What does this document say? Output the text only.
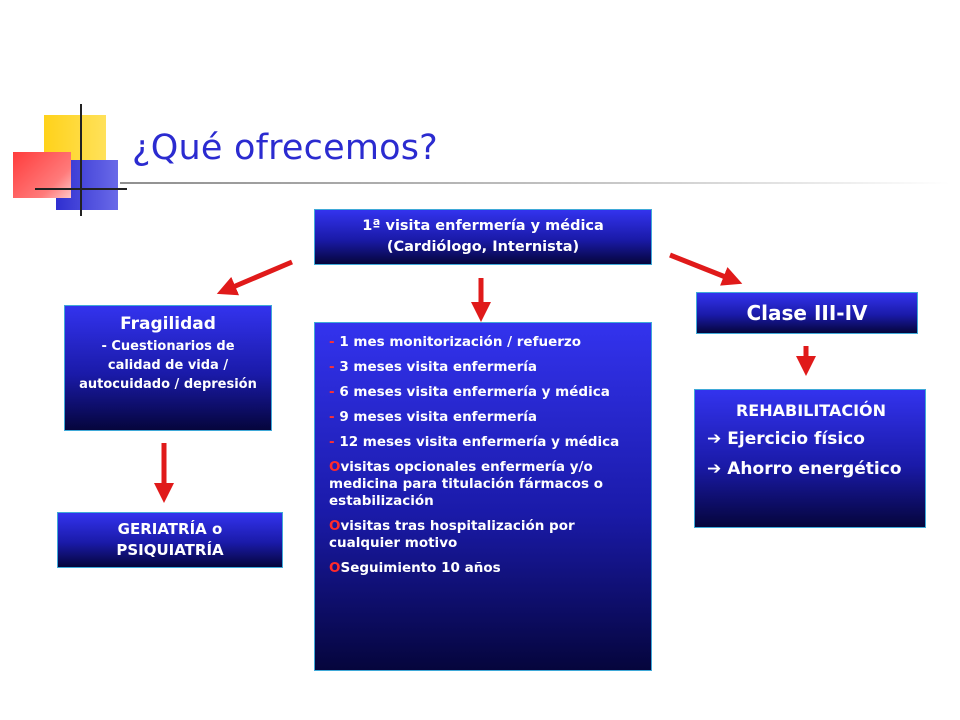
¿Qué ofrecemos?
1ª visita enfermería y médica
(Cardiólogo, Internista)
Fragilidad
- Cuestionarios de calidad de vida / autocuidado / depresión
GERIATRÍA o
PSIQUIATRÍA
- 1 mes monitorización / refuerzo
- 3 meses visita enfermería
- 6 meses visita enfermería y médica
- 9 meses visita enfermería
- 12 meses visita enfermería y médica
Ovisitas opcionales enfermería y/o medicina para titulación fármacos o estabilización
Ovisitas tras hospitalización por cualquier motivo
OSeguimiento 10 años
Clase III-IV
REHABILITACIÓN
➔ Ejercicio físico
➔ Ahorro energético
